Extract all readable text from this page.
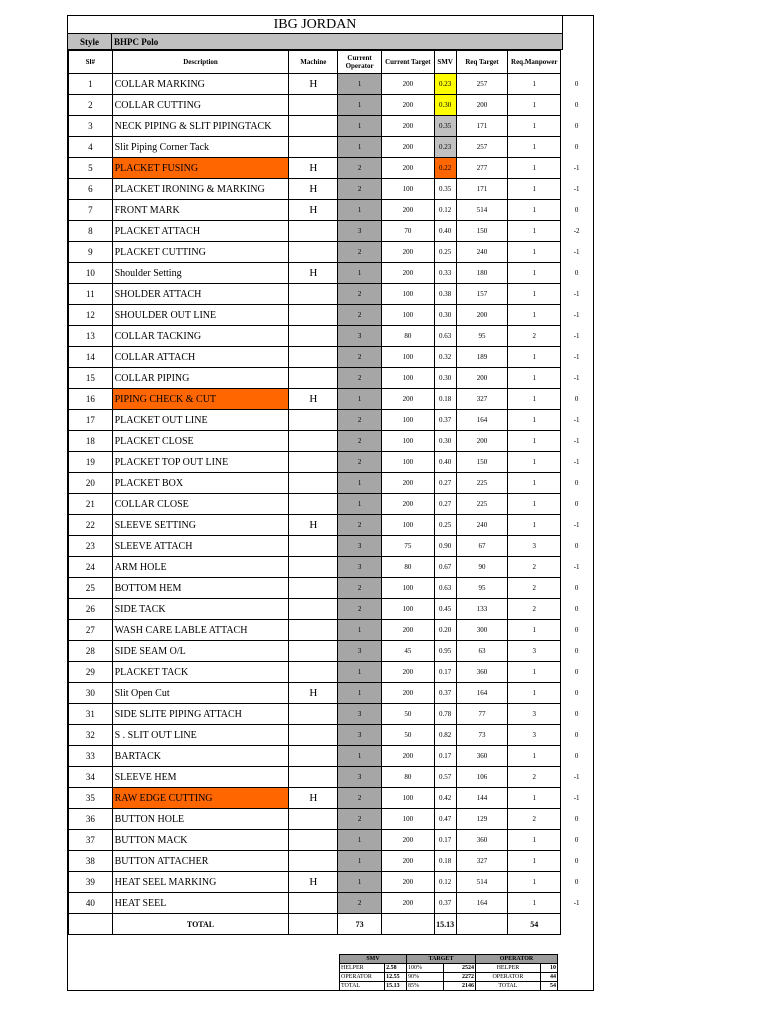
IBG JORDAN
Style	BHPC Polo
Sl#	Description	Machine	Current Operator	Current Target	SMV	Req Target	Req.Manpower	
1	COLLAR MARKING	H	1	200	0.23	257	1	0
2	COLLAR CUTTING		1	200	0.30	200	1	0
3	NECK PIPING & SLIT PIPINGTACK		1	200	0.35	171	1	0
4	Slit Piping Corner Tack		1	200	0.23	257	1	0
5	PLACKET FUSING	H	2	200	0.22	277	1	-1
6	PLACKET IRONING & MARKING	H	2	100	0.35	171	1	-1
7	FRONT MARK	H	1	200	0.12	514	1	0
8	PLACKET ATTACH		3	70	0.40	150	1	-2
9	PLACKET CUTTING		2	200	0.25	240	1	-1
10	Shoulder Setting	H	1	200	0.33	180	1	0
11	SHOLDER ATTACH		2	100	0.38	157	1	-1
12	SHOULDER OUT LINE		2	100	0.30	200	1	-1
13	COLLAR TACKING		3	80	0.63	95	2	-1
14	COLLAR ATTACH		2	100	0.32	189	1	-1
15	COLLAR PIPING		2	100	0.30	200	1	-1
16	PIPING CHECK & CUT	H	1	200	0.18	327	1	0
17	PLACKET OUT LINE		2	100	0.37	164	1	-1
18	PLACKET CLOSE		2	100	0.30	200	1	-1
19	PLACKET TOP OUT LINE		2	100	0.40	150	1	-1
20	PLACKET BOX		1	200	0.27	225	1	0
21	COLLAR CLOSE		1	200	0.27	225	1	0
22	SLEEVE SETTING	H	2	100	0.25	240	1	-1
23	SLEEVE ATTACH		3	75	0.90	67	3	0
24	ARM HOLE		3	80	0.67	90	2	-1
25	BOTTOM HEM		2	100	0.63	95	2	0
26	SIDE TACK		2	100	0.45	133	2	0
27	WASH CARE LABLE ATTACH		1	200	0.20	300	1	0
28	SIDE SEAM O/L		3	45	0.95	63	3	0
29	PLACKET TACK		1	200	0.17	360	1	0
30	Slit Open Cut	H	1	200	0.37	164	1	0
31	SIDE SLITE PIPING ATTACH		3	50	0.78	77	3	0
32	S . SLIT OUT LINE		3	50	0.82	73	3	0
33	BARTACK		1	200	0.17	360	1	0
34	SLEEVE HEM		3	80	0.57	106	2	-1
35	RAW EDGE CUTTING	H	2	100	0.42	144	1	-1
36	BUTTON HOLE		2	100	0.47	129	2	0
37	BUTTON MACK		1	200	0.17	360	1	0
38	BUTTON ATTACHER		1	200	0.18	327	1	0
39	HEAT SEEL MARKING	H	1	200	0.12	514	1	0
40	HEAT SEEL		2	200	0.37	164	1	-1
	TOTAL		73		15.13		54	
SMV		TARGET		OPERATOR	
HELPER	2.58	100%	2524	HELPER	10
OPERATOR	12.55	90%	2272	OPERATOR	44
TOTAL	15.13	85%	2146	TOTAL	54
